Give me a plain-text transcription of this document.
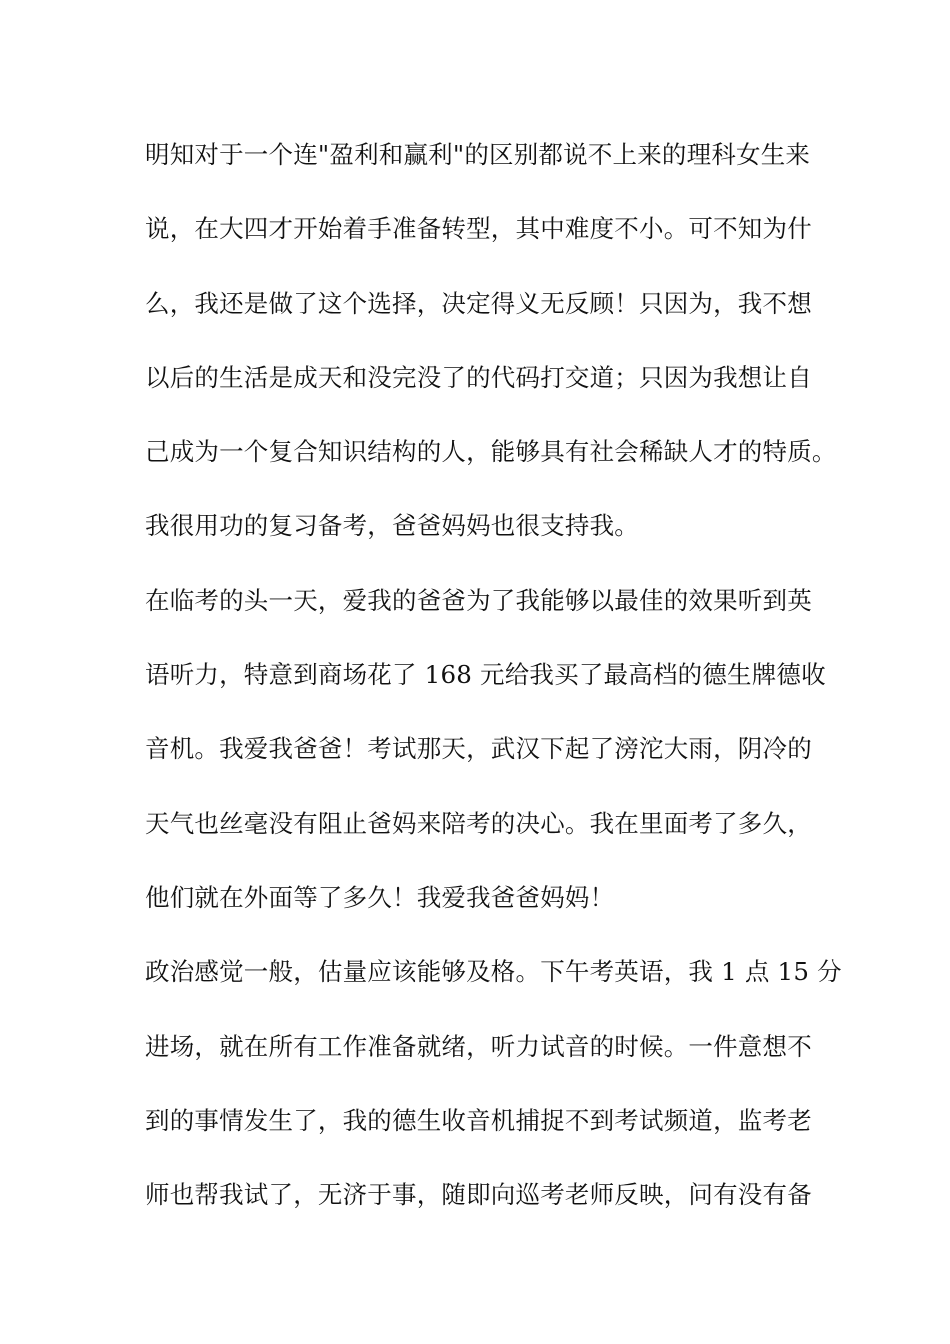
明知对于一个连"盈利和赢利"的区别都说不上来的理科女生来
说，在大四才开始着手准备转型，其中难度不小。可不知为什
么，我还是做了这个选择，决定得义无反顾！只因为，我不想
以后的生活是成天和没完没了的代码打交道；只因为我想让自
己成为一个复合知识结构的人，能够具有社会稀缺人才的特质。
我很用功的复习备考，爸爸妈妈也很支持我。
在临考的头一天，爱我的爸爸为了我能够以最佳的效果听到英
语听力，特意到商场花了 168 元给我买了最高档的德生牌德收
音机。我爱我爸爸！考试那天，武汉下起了滂沱大雨，阴冷的
天气也丝毫没有阻止爸妈来陪考的决心。我在里面考了多久，
他们就在外面等了多久！我爱我爸爸妈妈！
政治感觉一般，估量应该能够及格。下午考英语，我 1 点 15 分
进场，就在所有工作准备就绪，听力试音的时候。一件意想不
到的事情发生了，我的德生收音机捕捉不到考试频道，监考老
师也帮我试了，无济于事，随即向巡考老师反映，问有没有备
